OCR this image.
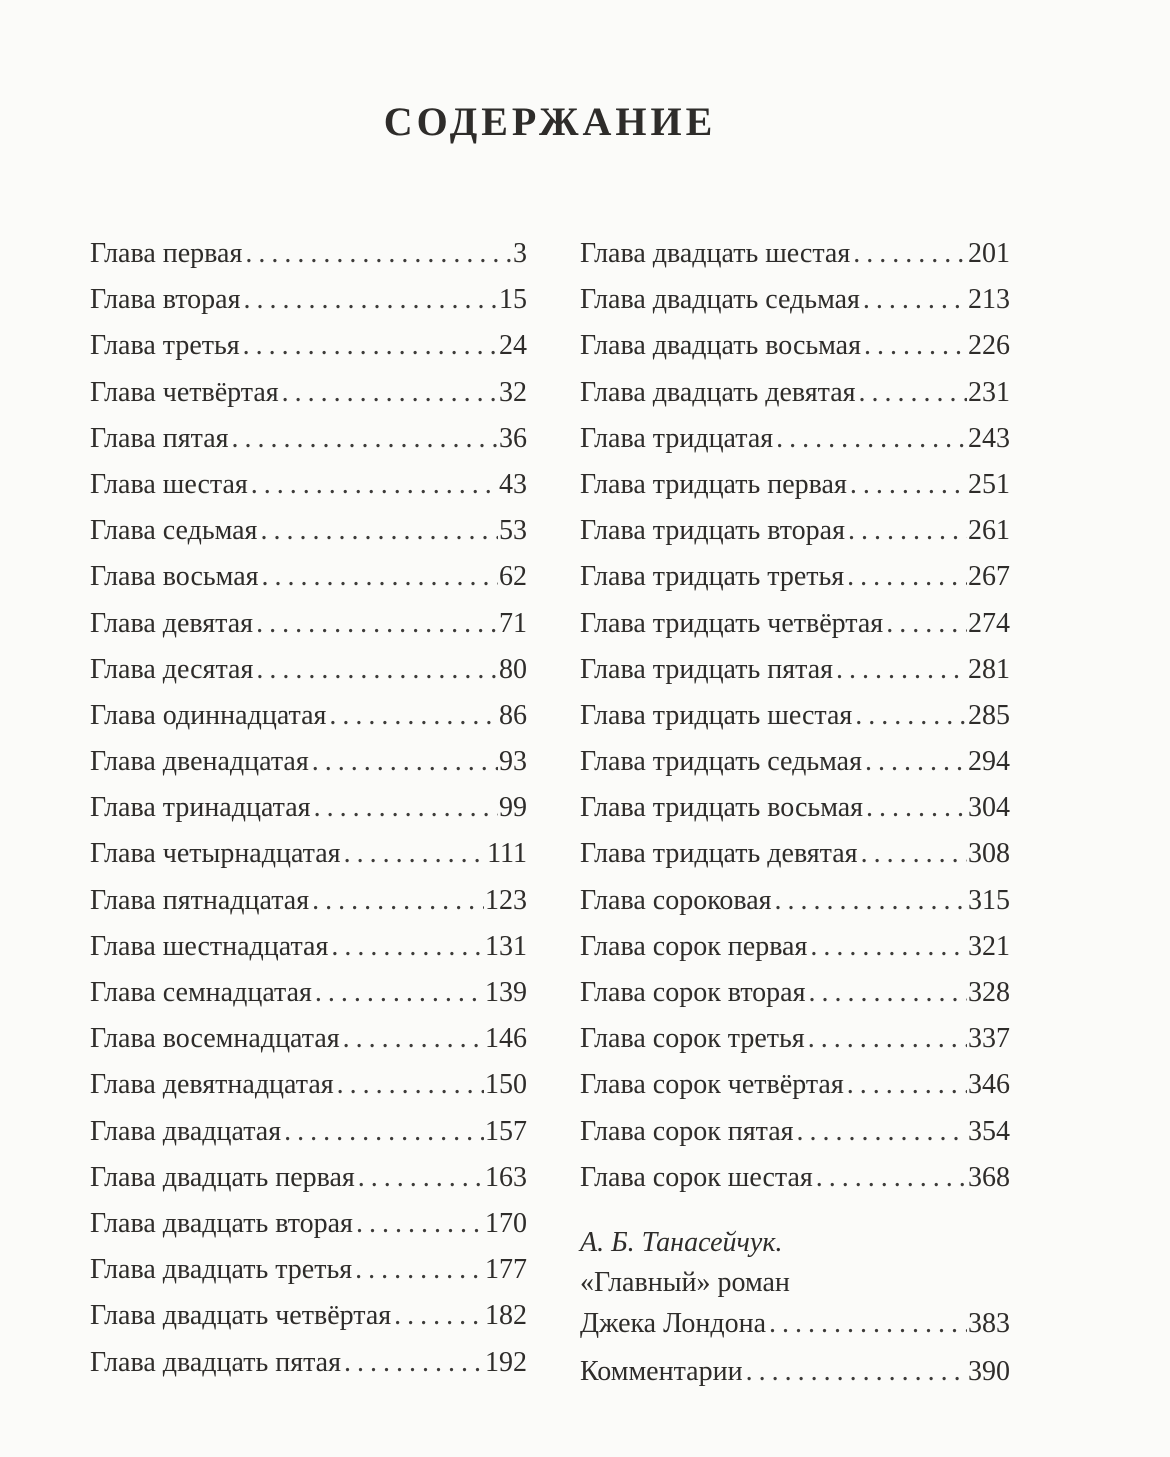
СОДЕРЖАНИЕ
Глава первая .....	3
Глава вторая .....	15
Глава третья .....	24
Глава четвёртая .....	32
Глава пятая .....	36
Глава шестая .....	43
Глава седьмая .....	53
Глава восьмая .....	62
Глава девятая .....	71
Глава десятая .....	80
Глава одиннадцатая .....	86
Глава двенадцатая .....	93
Глава тринадцатая .....	99
Глава четырнадцатая .....	111
Глава пятнадцатая .....	123
Глава шестнадцатая .....	131
Глава семнадцатая .....	139
Глава восемнадцатая .....	146
Глава девятнадцатая .....	150
Глава двадцатая .....	157
Глава двадцать первая .....	163
Глава двадцать вторая .....	170
Глава двадцать третья .....	177
Глава двадцать четвёртая .....	182
Глава двадцать пятая .....	192
Глава двадцать шестая .....	201
Глава двадцать седьмая .....	213
Глава двадцать восьмая .....	226
Глава двадцать девятая .....	231
Глава тридцатая .....	243
Глава тридцать первая .....	251
Глава тридцать вторая .....	261
Глава тридцать третья .....	267
Глава тридцать четвёртая .....	274
Глава тридцать пятая .....	281
Глава тридцать шестая .....	285
Глава тридцать седьмая .....	294
Глава тридцать восьмая .....	304
Глава тридцать девятая .....	308
Глава сороковая .....	315
Глава сорок первая .....	321
Глава сорок вторая .....	328
Глава сорок третья .....	337
Глава сорок четвёртая .....	346
Глава сорок пятая .....	354
Глава сорок шестая .....	368
А. Б. Танасейчук.
«Главный» роман
Джека Лондона .....	383
Комментарии .....	390
